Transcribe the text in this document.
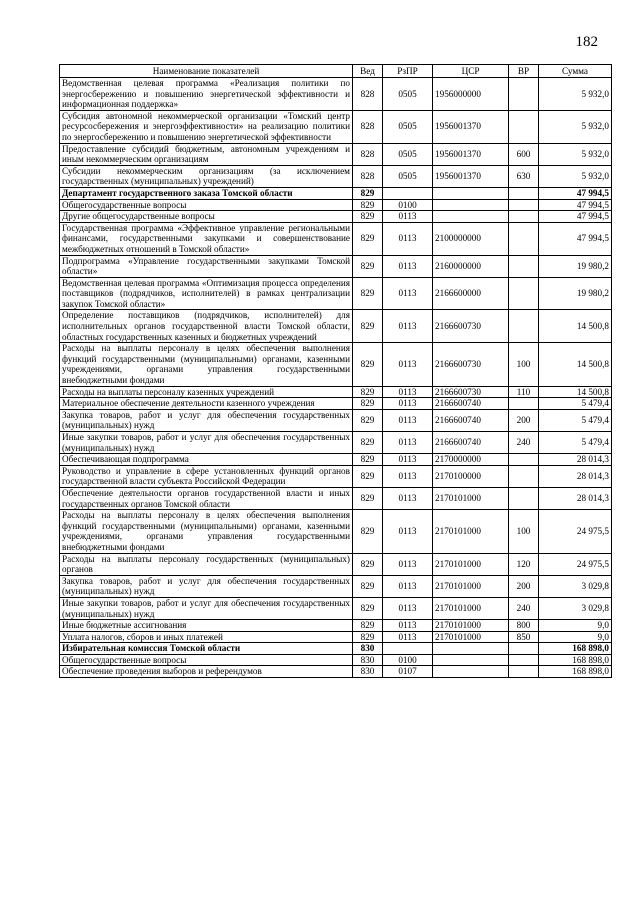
182
Наименование показателей	Вед	РзПР	ЦСР	ВР	Сумма
Ведомственная целевая программа «Реализация политики по энергосбережению и повышению энергетической эффективности и информационная поддержка»	828	0505	1956000000		5 932,0
Субсидия автономной некоммерческой организации «Томский центр ресурсосбережения и энергоэффективности» на реализацию политики по энергосбережению и повышению энергетической эффективности	828	0505	1956001370		5 932,0
Предоставление субсидий бюджетным, автономным учреждениям и иным некоммерческим организациям	828	0505	1956001370	600	5 932,0
Субсидии некоммерческим организациям (за исключением государственных (муниципальных) учреждений)	828	0505	1956001370	630	5 932,0
Департамент государственного заказа Томской области	829				47 994,5
Общегосударственные вопросы	829	0100			47 994,5
Другие общегосударственные вопросы	829	0113			47 994,5
Государственная программа «Эффективное управление региональными финансами, государственными закупками и совершенствование межбюджетных отношений в Томской области»	829	0113	2100000000		47 994,5
Подпрограмма «Управление государственными закупками Томской области»	829	0113	2160000000		19 980,2
Ведомственная целевая программа «Оптимизация процесса определения поставщиков (подрядчиков, исполнителей) в рамках централизации закупок Томской области»	829	0113	2166600000		19 980,2
Определение поставщиков (подрядчиков, исполнителей) для исполнительных органов государственной власти Томской области, областных государственных казенных и бюджетных учреждений	829	0113	2166600730		14 500,8
Расходы на выплаты персоналу в целях обеспечения выполнения функций государственными (муниципальными) органами, казенными учреждениями, органами управления государственными внебюджетными фондами	829	0113	2166600730	100	14 500,8
Расходы на выплаты персоналу казенных учреждений	829	0113	2166600730	110	14 500,8
Материальное обеспечение деятельности казенного учреждения	829	0113	2166600740		5 479,4
Закупка товаров, работ и услуг для обеспечения государственных (муниципальных) нужд	829	0113	2166600740	200	5 479,4
Иные закупки товаров, работ и услуг для обеспечения государственных (муниципальных) нужд	829	0113	2166600740	240	5 479,4
Обеспечивающая подпрограмма	829	0113	2170000000		28 014,3
Руководство и управление в сфере установленных функций органов государственной власти субъекта Российской Федерации	829	0113	2170100000		28 014,3
Обеспечение деятельности органов государственной власти и иных государственных органов Томской области	829	0113	2170101000		28 014,3
Расходы на выплаты персоналу в целях обеспечения выполнения функций государственными (муниципальными) органами, казенными учреждениями, органами управления государственными внебюджетными фондами	829	0113	2170101000	100	24 975,5
Расходы на выплаты персоналу государственных (муниципальных) органов	829	0113	2170101000	120	24 975,5
Закупка товаров, работ и услуг для обеспечения государственных (муниципальных) нужд	829	0113	2170101000	200	3 029,8
Иные закупки товаров, работ и услуг для обеспечения государственных (муниципальных) нужд	829	0113	2170101000	240	3 029,8
Иные бюджетные ассигнования	829	0113	2170101000	800	9,0
Уплата налогов, сборов и иных платежей	829	0113	2170101000	850	9,0
Избирательная комиссия Томской области	830				168 898,0
Общегосударственные вопросы	830	0100			168 898,0
Обеспечение проведения выборов и референдумов	830	0107			168 898,0
